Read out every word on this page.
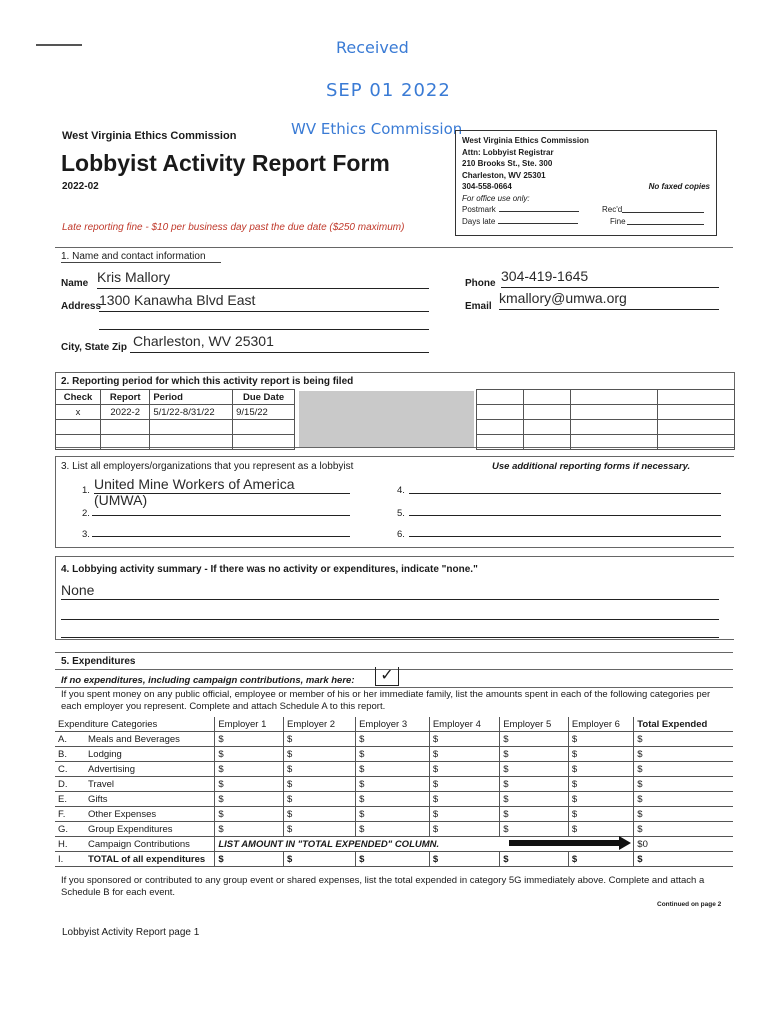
Received
SEP 01 2022
WV Ethics Commission
West Virginia Ethics Commission
Lobbyist Activity Report Form
2022-02
Late reporting fine - $10 per business day past the due date ($250 maximum)
West Virginia Ethics Commission
Attn: Lobbyist Registrar
210 Brooks St., Ste. 300
Charleston, WV 25301
304-558-0664	No faxed copies
For office use only:
Postmark	Rec'd
Days late	Fine
1. Name and contact information
Name Kris Mallory
Address
1300 Kanawha Blvd East
City, State Zip Charleston, WV 25301
Phone 304-419-1645
Email
kmallory@umwa.org
2. Reporting period for which this activity report is being filed
Check	Report	Period	Due Date
x	2022-2	5/1/22-8/31/22	9/15/22

3. List all employers/organizations that you represent as a lobbyist	Use additional reporting forms if necessary.
1. United Mine Workers of America (UMWA)
2.
3.
4.
5.
6.
4. Lobbying activity summary - If there was no activity or expenditures, indicate "none."
None
5. Expenditures
If no expenditures, including campaign contributions, mark here:	✓
If you spent money on any public official, employee or member of his or her immediate family, list the amounts spent in each of the following categories per each employer you represent. Complete and attach Schedule A to this report.
Expenditure Categories	Employer 1	Employer 2	Employer 3	Employer 4	Employer 5	Employer 6	Total Expended
A. Meals and Beverages	$	$	$	$	$	$	$
B. Lodging	$	$	$	$	$	$	$
C. Advertising	$	$	$	$	$	$	$
D. Travel	$	$	$	$	$	$	$
E. Gifts	$	$	$	$	$	$	$
F. Other Expenses	$	$	$	$	$	$	$
G. Group Expenditures	$	$	$	$	$	$	$
H. Campaign Contributions	LIST AMOUNT IN "TOTAL EXPENDED" COLUMN.						$0
I. TOTAL of all expenditures	$	$	$	$	$	$	$
If you sponsored or contributed to any group event or shared expenses, list the total expended in category 5G immediately above. Complete and attach a Schedule B for each event.
Continued on page 2
Lobbyist Activity Report page 1
